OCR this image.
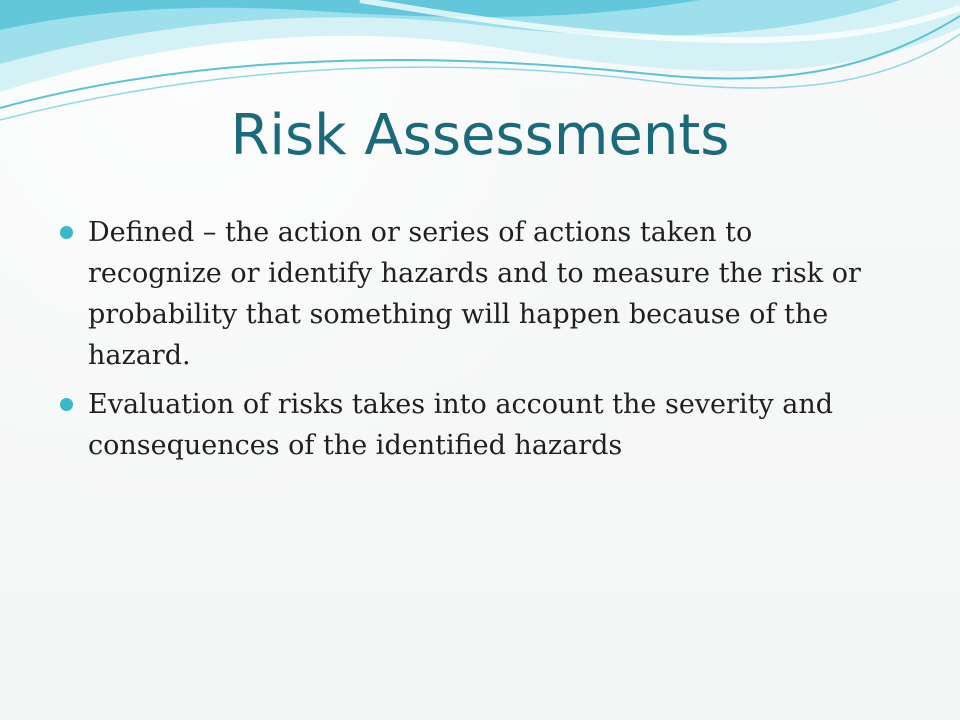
Risk Assessments
Defined – the action or series of actions taken to recognize or identify hazards and to measure the risk or probability that something will happen because of the hazard.
Evaluation of risks takes into account the severity and consequences of the identified hazards
